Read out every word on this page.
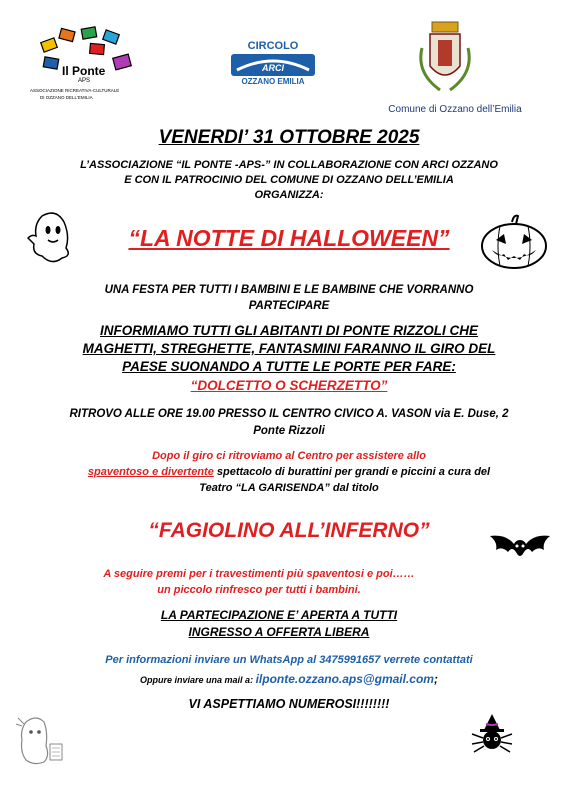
Il Ponte
APS
ASSOCIAZIONE RICREATIVA-CULTURALE
DI OZZANO DELL'EMILIA
CIRCOLO
ARCI
OZZANO EMILIA
Comune di Ozzano dell’Emilia
VENERDI’ 31 OTTOBRE 2025
L’ASSOCIAZIONE “IL PONTE -APS-” IN COLLABORAZIONE CON ARCI OZZANO
E CON IL PATROCINIO DEL COMUNE DI OZZANO DELL’EMILIA
ORGANIZZA:
“LA NOTTE DI HALLOWEEN”
UNA FESTA PER TUTTI I BAMBINI E LE BAMBINE CHE VORRANNO
PARTECIPARE
INFORMIAMO TUTTI GLI ABITANTI DI PONTE RIZZOLI CHE
MAGHETTI, STREGHETTE, FANTASMINI FARANNO IL GIRO DEL
PAESE SUONANDO A TUTTE LE PORTE PER FARE:
“DOLCETTO O SCHERZETTO”
RITROVO ALLE ORE 19.00 PRESSO IL CENTRO CIVICO A. VASON via E. Duse, 2
Ponte Rizzoli
Dopo il giro ci ritroviamo al Centro per assistere allo
spaventoso e divertente spettacolo di burattini per grandi e piccini a cura del
Teatro “LA GARISENDA” dal titolo
“FAGIOLINO ALL’INFERNO”
A seguire premi per i travestimenti più spaventosi e poi……
un piccolo rinfresco per tutti i bambini.
LA PARTECIPAZIONE E’ APERTA A TUTTI
INGRESSO A OFFERTA LIBERA
Per informazioni inviare un WhatsApp al 3475991657 verrete contattati
Oppure inviare una mail a: ilponte.ozzano.aps@gmail.com;
VI ASPETTIAMO NUMEROSI!!!!!!!!
